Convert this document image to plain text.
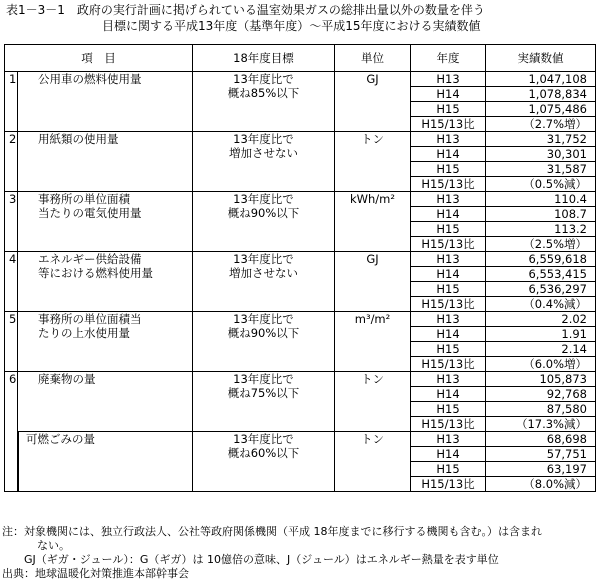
表1－3－1　政府の実行計画に掲げられている温室効果ガスの総排出量以外の数量を伴う
目標に関する平成13年度（基準年度）～平成15年度における実績数値
項　目		18年度目標	単位	年度	実績数値
1	公用車の燃料使用量	13年度比で
概ね85%以下	GJ	H13	1,047,108
				H14	1,078,834
				H15	1,075,486
				H15/13比	（2.7%増）
2	用紙類の使用量	13年度比で
増加させない	トン	H13	31,752
				H14	30,301
				H15	31,587
				H15/13比	（0.5%減）
3	事務所の単位面積
当たりの電気使用量	13年度比で
概ね90%以下	kWh/m²	H13	110.4
				H14	108.7
				H15	113.2
				H15/13比	（2.5%増）
4	エネルギー供給設備
等における燃料使用量	13年度比で
増加させない	GJ	H13	6,559,618
				H14	6,553,415
				H15	6,536,297
				H15/13比	（0.4%減）
5	事務所の単位面積当
たりの上水使用量	13年度比で
概ね90%以下	m³/m²	H13	2.02
				H14	1.91
				H15	2.14
				H15/13比	（6.0%増）
6	廃棄物の量	13年度比で
概ね75%以下	トン	H13	105,873
				H14	92,768
				H15	87,580
				H15/13比	（17.3%減）
	可燃ごみの量	13年度比で
概ね60%以下	トン	H13	68,698
				H14	57,751
				H15	63,197
				H15/13比	（8.0%減）
注：対象機関には、独立行政法人、公社等政府関係機関（平成 18年度までに移行する機関も含む。）は含まれ
ない。
GJ（ギガ・ジュール）：G（ギガ）は 10億倍の意味、J（ジュール）はエネルギー熱量を表す単位
出典：地球温暖化対策推進本部幹事会
